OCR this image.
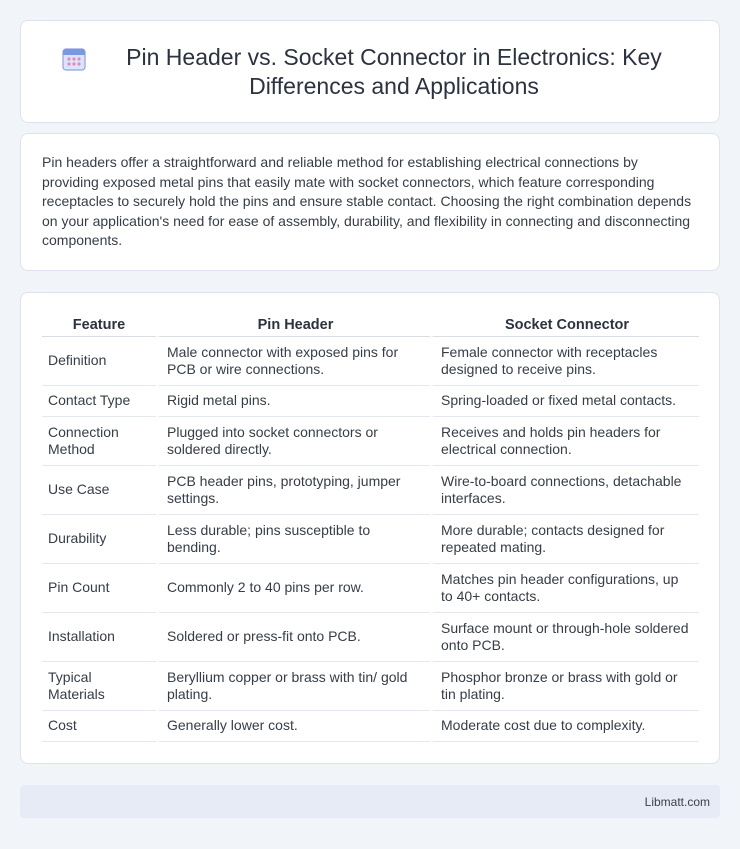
Pin Header vs. Socket Connector in Electronics: Key Differences and Applications

Pin headers offer a straightforward and reliable method for establishing electrical connections by providing exposed metal pins that easily mate with socket connectors, which feature corresponding receptacles to securely hold the pins and ensure stable contact. Choosing the right combination depends on your application's need for ease of assembly, durability, and flexibility in connecting and disconnecting components.

Feature	Pin Header	Socket Connector
Definition	Male connector with exposed pins for PCB or wire connections.	Female connector with receptacles designed to receive pins.
Contact Type	Rigid metal pins.	Spring-loaded or fixed metal contacts.
Connection Method	Plugged into socket connectors or soldered directly.	Receives and holds pin headers for electrical connection.
Use Case	PCB header pins, prototyping, jumper settings.	Wire-to-board connections, detachable interfaces.
Durability	Less durable; pins susceptible to bending.	More durable; contacts designed for repeated mating.
Pin Count	Commonly 2 to 40 pins per row.	Matches pin header configurations, up to 40+ contacts.
Installation	Soldered or press-fit onto PCB.	Surface mount or through-hole soldered onto PCB.
Typical Materials	Beryllium copper or brass with tin/ gold plating.	Phosphor bronze or brass with gold or tin plating.
Cost	Generally lower cost.	Moderate cost due to complexity.
Libmatt.com
